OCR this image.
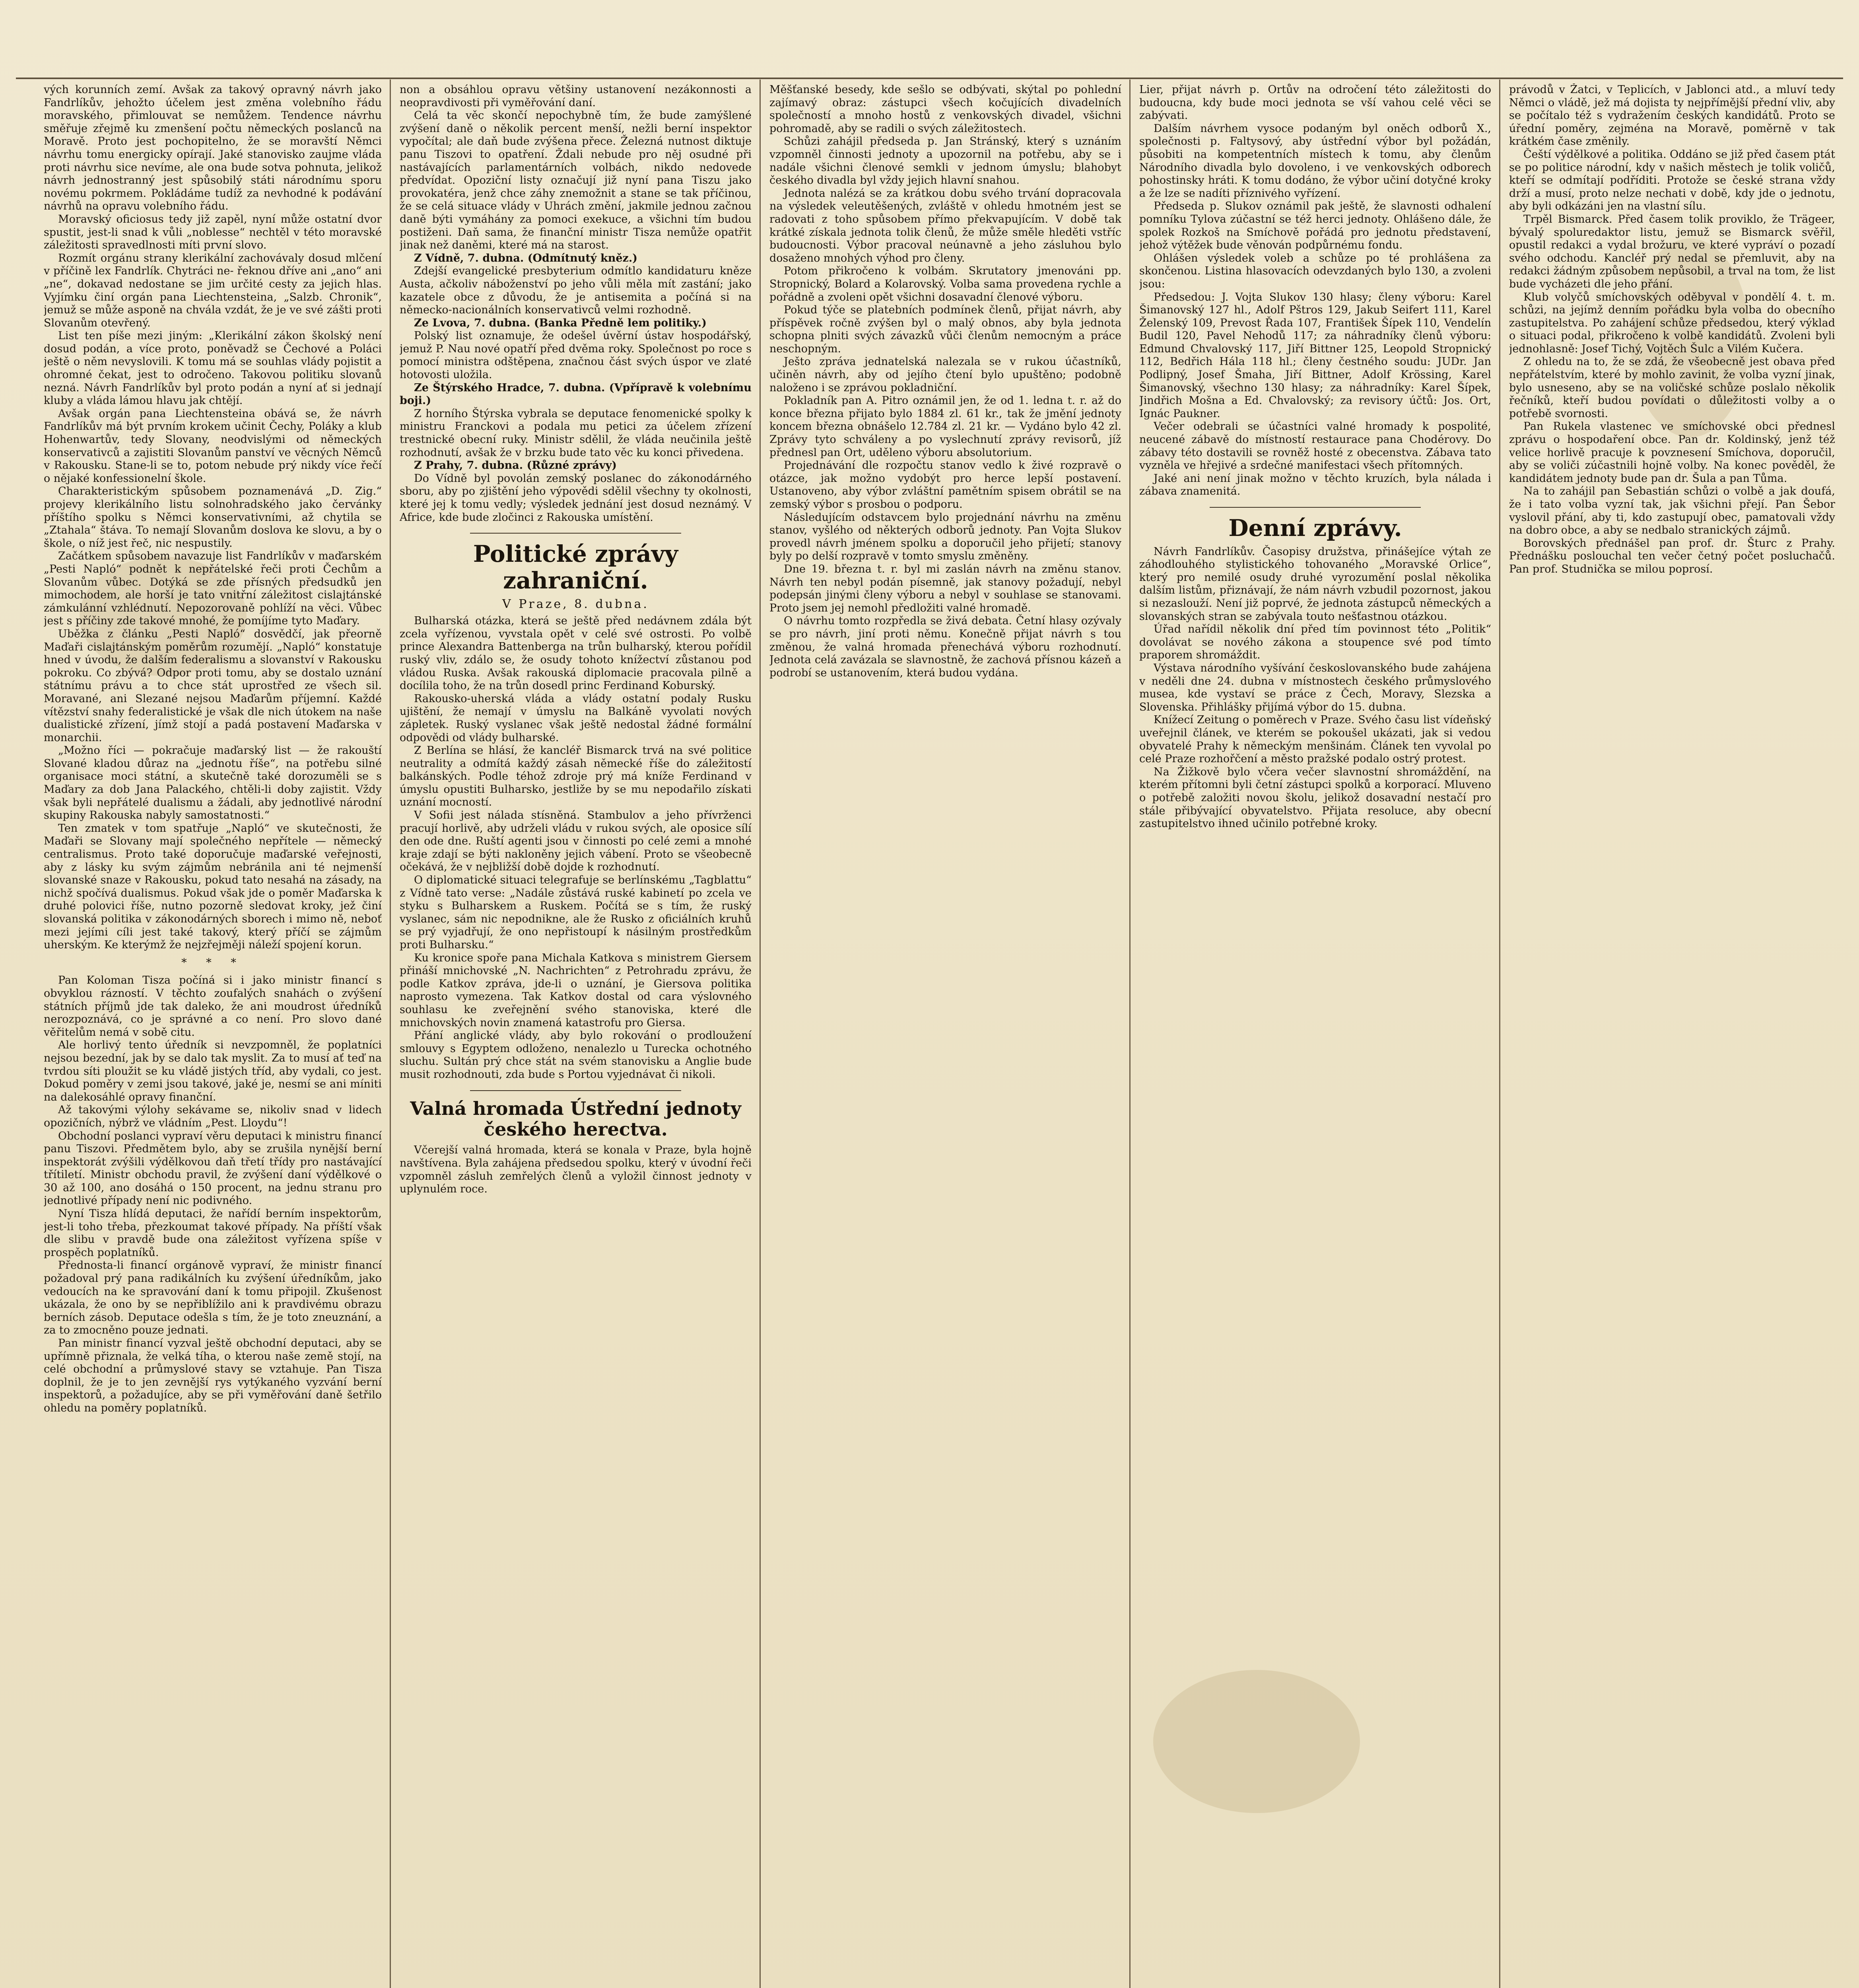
vých korunních zemí. Avšak za takový opravný návrh jako Fandrlíkův, jehožto účelem jest změna volebního řádu moravského, přimlouvat se nemůžem. Tendence návrhu směřuje zřejmě ku zmenšení počtu německých poslanců na Moravě. Proto jest pochopitelno, že se moravští Němci návrhu tomu energicky opírají. Jaké stanovisko zaujme vláda proti návrhu sice nevíme, ale ona bude sotva pohnuta, jelikož návrh jednostranný jest spůsobilý státi národnímu sporu novému pokrmem. Pokládáme tudíž za nevhodné k podávání návrhů na opravu volebního řádu.

Moravský oficiosus tedy již zapěl, nyní může ostatní dvor spustit, jest-li snad k vůli „noblesse“ nechtěl v této moravské záležitosti spravedlnosti míti první slovo.

Rozmít orgánu strany klerikální zachovávaly dosud mlčení v příčině lex Fandrlík. Chytráci ne- řeknou dříve ani „ano“ ani „ne“, dokavad nedostane se jim určité cesty za jejich hlas. Vyjímku činí orgán pana Liechtensteina, „Salzb. Chronik“, jemuž se může asponě na chvála vzdát, že je ve své zášti proti Slovanům otevřený.

List ten píše mezi jiným: „Klerikální zákon školský není dosud podán, a více proto, poněvadž se Čechové a Poláci ještě o něm nevyslovili. K tomu má se souhlas vlády pojistit a ohromné čekat, jest to odročeno. Takovou politiku slovanů nezná. Návrh Fandrlíkův byl proto podán a nyní ať si jednají kluby a vláda lámou hlavu jak chtějí.

Avšak orgán pana Liechtensteina obává se, že návrh Fandrlíkův má být prvním krokem učinit Čechy, Poláky a klub Hohenwartův, tedy Slovany, neodvislými od německých konservativců a zajistiti Slovanům panství ve věcných Němců v Rakousku. Stane-li se to, potom nebude prý nikdy více řečí o nějaké konfessionelní škole.

Charakteristickým spůsobem poznamenává „D. Zig.“ projevy klerikálního listu solnohradského jako červánky příštího spolku s Němci konservativními, až chytila se „Ztahala“ štáva. To nemají Slovanům doslova ke slovu, a by o škole, o níž jest řeč, nic nespustily.

Začátkem spůsobem navazuje list Fandrlíkův v maďarském „Pesti Napló“ podnět k nepřátelské řeči proti Čechům a Slovanům vůbec. Dotýká se zde přísných předsudků jen mimochodem, ale horší je tato vnitřní záležitost cislajtánské zámkulánní vzhlédnutí. Nepozorovaně pohlíží na věci. Vůbec jest s příčiny zde takové mnohé, že pomíjíme tyto Maďary.

Uběžka z článku „Pesti Napló“ dosvědčí, jak přeorně Maďaři cislajtánským poměrům rozumějí. „Napló“ konstatuje hned v úvodu, že dalším federalismu a slovanství v Rakousku pokroku. Co zbývá? Odpor proti tomu, aby se dostalo uznání státnímu právu a to chce stát uprostřed ze všech sil. Moravané, ani Slezané nejsou Maďarům příjemní. Každé vítězství snahy federalistické je však dle nich útokem na naše dualistické zřízení, jímž stojí a padá postavení Maďarska v monarchii.

„Možno říci — pokračuje maďarský list — že rakouští Slované kladou důraz na „jednotu říše“, na potřebu silné organisace moci státní, a skutečně také dorozuměli se s Maďary za dob Jana Palackého, chtěli-li doby zajistit. Vždy však byli nepřátelé dualismu a žádali, aby jednotlivé národní skupiny Rakouska nabyly samostatnosti.“

Ten zmatek v tom spatřuje „Napló“ ve skutečnosti, že Maďaři se Slovany mají společného nepřítele — německý centralismus. Proto také doporučuje maďarské veřejnosti, aby z lásky ku svým zájmům nebránila ani té nejmenší slovanské snaze v Rakousku, pokud tato nesahá na zásady, na nichž spočívá dualismus. Pokud však jde o poměr Maďarska k druhé polovici říše, nutno pozorně sledovat kroky, jež činí slovanská politika v zákonodárných sborech i mimo ně, neboť mezi jejími cíli jest také takový, který příčí se zájmům uherským. Ke kterýmž že nejzřejměji náleží spojení korun.

* * *

Pan Koloman Tisza počíná si i jako ministr financí s obvyklou rázností. V těchto zoufalých snahách o zvýšení státních příjmů jde tak daleko, že ani moudrost úředníků nerozpoznává, co je správné a co není. Pro slovo dané věřitelům nemá v sobě citu.

Ale horlivý tento úředník si nevzpomněl, že poplatníci nejsou bezední, jak by se dalo tak myslit. Za to musí ať teď na tvrdou síti ploužit se ku vládě jistých tříd, aby vydali, co jest. Dokud poměry v zemi jsou takové, jaké je, nesmí se ani míniti na dalekosáhlé opravy finanční.

Až takovými výlohy sekávame se, nikoliv snad v lidech opozičních, nýbrž ve vládním „Pest. Lloydu“!

Obchodní poslanci vypraví věru deputaci k ministru financí panu Tiszovi. Předmětem bylo, aby se zrušila nynější berní inspektorát zvýšili výdělkovou daň třetí třídy pro nastávající třítiletí. Ministr obchodu pravil, že zvýšení daní výdělkové o 30 až 100, ano dosáhá o 150 procent, na jednu stranu pro jednotlivé případy není nic podivného.

Nyní Tisza hlídá deputaci, že nařídí berním inspektorům, jest-li toho třeba, přezkoumat takové případy. Na příští však dle slibu v pravdě bude ona záležitost vyřízena spíše v prospěch poplatníků.

Přednosta-li financí orgánově vypraví, že ministr financí požadoval prý pana radikálních ku zvýšení úředníkům, jako vedoucích na ke spravování daní k tomu připojil. Zkušenost ukázala, že ono by se nepřiblížilo ani k pravdivému obrazu berních zásob. Deputace odešla s tím, že je toto zneuznání, a za to zmocněno pouze jednati.

Pan ministr financí vyzval ještě obchodní deputaci, aby se upřímně přiznala, že velká tíha, o kterou naše země stojí, na celé obchodní a průmyslové stavy se vztahuje. Pan Tisza doplnil, že je to jen zevnější rys vytýkaného vyzvání berní inspektorů, a požadujíce, aby se při vyměřování daně šetřilo ohledu na poměry poplatníků.

non a obsáhlou opravu většiny ustanovení nezákonnosti a neopravdivosti při vyměřování daní.

Celá ta věc skončí nepochybně tím, že bude zamýšlené zvýšení daně o několik percent menší, nežli berní inspektor vypočítal; ale daň bude zvýšena přece. Železná nutnost diktuje panu Tiszovi to opatření. Ždali nebude pro něj osudné při nastávajících parlamentárních volbách, nikdo nedovede předvídat. Opoziční listy označují již nyní pana Tiszu jako provokatéra, jenž chce záhy znemožnit a stane se tak příčinou, že se celá situace vlády v Uhrách změní, jakmile jednou začnou daně býti vymáhány za pomoci exekuce, a všichni tím budou postiženi. Daň sama, že finanční ministr Tisza nemůže opatřit jinak než daněmi, které má na starost.

Z Vídně, 7. dubna. (Odmítnutý kněz.)

Zdejší evangelické presbyterium odmítlo kandidaturu kněze Austa, ačkoliv náboženství po jeho vůli měla mít zastání; jako kazatele obce z důvodu, že je antisemita a počíná si na německo-nacionálních konservativců velmi rozhodně.

Ze Lvova, 7. dubna. (Banka Předně lem politiky.)

Polský list oznamuje, že odešel úvěrní ústav hospodářský, jemuž P. Nau nové opatří před dvěma roky. Společnost po roce s pomocí ministra odštěpena, značnou část svých úspor ve zlaté hotovosti uložila.

Ze Štýrského Hradce, 7. dubna. (Vpřípravě k volebnímu boji.)

Z horního Štýrska vybrala se deputace fenomenické spolky k ministru Franckovi a podala mu petici za účelem zřízení trestnické obecní ruky. Ministr sdělil, že vláda neučinila ještě rozhodnutí, avšak že v brzku bude tato věc ku konci přivedena.

Z Prahy, 7. dubna. (Různé zprávy)

Do Vídně byl povolán zemský poslanec do zákonodárného sboru, aby po zjištění jeho výpovědi sdělil všechny ty okolnosti, které jej k tomu vedly; výsledek jednání jest dosud neznámý. V Africe, kde bude zločinci z Rakouska umístění.

Politické zprávy zahraniční.

V Praze, 8. dubna.

Bulharská otázka, která se ještě před nedávnem zdála být zcela vyřízenou, vyvstala opět v celé své ostrosti. Po volbě prince Alexandra Battenberga na trůn bulharský, kterou pořídil ruský vliv, zdálo se, že osudy tohoto knížectví zůstanou pod vládou Ruska. Avšak rakouská diplomacie pracovala pilně a docílila toho, že na trůn dosedl princ Ferdinand Koburský.

Rakousko-uherská vláda a vlády ostatní podaly Rusku ujištění, že nemají v úmyslu na Balkáně vyvolati nových zápletek. Ruský vyslanec však ještě nedostal žádné formální odpovědi od vlády bulharské.

Z Berlína se hlásí, že kancléř Bismarck trvá na své politice neutrality a odmítá každý zásah německé říše do záležitostí balkánských. Podle téhož zdroje prý má kníže Ferdinand v úmyslu opustiti Bulharsko, jestliže by se mu nepodařilo získati uznání mocností.

V Sofii jest nálada stísněná. Stambulov a jeho přívrženci pracují horlivě, aby udrželi vládu v rukou svých, ale oposice sílí den ode dne. Ruští agenti jsou v činnosti po celé zemi a mnohé kraje zdají se býti nakloněny jejich vábení. Proto se všeobecně očekává, že v nejbližší době dojde k rozhodnutí.

O diplomatické situaci telegrafuje se berlínskému „Tagblattu“ z Vídně tato verse: „Nadále zůstává ruské kabinetí po zcela ve styku s Bulharskem a Ruskem. Počítá se s tím, že ruský vyslanec, sám nic nepodnikne, ale že Rusko z oficiálních kruhů se prý vyjadřují, že ono nepřistoupí k násilným prostředkům proti Bulharsku.“

Ku kronice spoře pana Michala Katkova s ministrem Giersem přináší mnichovské „N. Nachrichten“ z Petrohradu zprávu, že podle Katkov zpráva, jde-li o uznání, je Giersova politika naprosto vymezena. Tak Katkov dostal od cara výslovného souhlasu ke zveřejnění svého stanoviska, které dle mnichovských novin znamená katastrofu pro Giersa.

Přání anglické vlády, aby bylo rokování o prodloužení smlouvy s Egyptem odloženo, nenalezlo u Turecka ochotného sluchu. Sultán prý chce stát na svém stanovisku a Anglie bude musit rozhodnouti, zda bude s Portou vyjednávat či nikoli.

Valná hromada Ústřední jednoty českého herectva.

Včerejší valná hromada, která se konala v Praze, byla hojně navštívena. Byla zahájena předsedou spolku, který v úvodní řeči vzpomněl zásluh zemřelých členů a vyložil činnost jednoty v uplynulém roce.

Měšťanské besedy, kde sešlo se odbývati, skýtal po pohlední zajímavý obraz: zástupci všech kočujících divadelních společností a mnoho hostů z venkovských divadel, všichni pohromadě, aby se radili o svých záležitostech.

Schůzi zahájil předseda p. Jan Stránský, který s uznáním vzpomněl činnosti jednoty a upozornil na potřebu, aby se i nadále všichni členové semkli v jednom úmyslu; blahobyt českého divadla byl vždy jejich hlavní snahou.

Jednota nalézá se za krátkou dobu svého trvání dopracovala na výsledek veleutěšených, zvláště v ohledu hmotném jest se radovati z toho spůsobem přímo překvapujícím. V době tak krátké získala jednota tolik členů, že může směle hleděti vstříc budoucnosti. Výbor pracoval neúnavně a jeho zásluhou bylo dosaženo mnohých výhod pro členy.

Potom přikročeno k volbám. Skrutatory jmenováni pp. Stropnický, Bolard a Kolarovský. Volba sama provedena rychle a pořádně a zvoleni opět všichni dosavadní členové výboru.

Pokud týče se platebních podmínek členů, přijat návrh, aby příspěvek ročně zvýšen byl o malý obnos, aby byla jednota schopna plniti svých závazků vůči členům nemocným a práce neschopným.

Ješto zpráva jednatelská nalezala se v rukou účastníků, učiněn návrh, aby od jejího čtení bylo upuštěno; podobně naloženo i se zprávou pokladniční.

Pokladník pan A. Pitro oznámil jen, že od 1. ledna t. r. až do konce března přijato bylo 1884 zl. 61 kr., tak že jmění jednoty koncem března obnášelo 12.784 zl. 21 kr. — Vydáno bylo 42 zl. Zprávy tyto schváleny a po vyslechnutí zprávy revisorů, jíž přednesl pan Ort, uděleno výboru absolutorium.

Projednávání dle rozpočtu stanov vedlo k živé rozpravě o otázce, jak možno vydobýt pro herce lepší postavení. Ustanoveno, aby výbor zvláštní pamětním spisem obrátil se na zemský výbor s prosbou o podporu.

Následujícím odstavcem bylo projednání návrhu na změnu stanov, vyšlého od některých odborů jednoty. Pan Vojta Slukov provedl návrh jménem spolku a doporučil jeho přijetí; stanovy byly po delší rozpravě v tomto smyslu změněny.

Dne 19. března t. r. byl mi zaslán návrh na změnu stanov. Návrh ten nebyl podán písemně, jak stanovy požadují, nebyl podepsán jinými členy výboru a nebyl v souhlase se stanovami. Proto jsem jej nemohl předložiti valné hromadě.

O návrhu tomto rozpředla se živá debata. Četní hlasy ozývaly se pro návrh, jiní proti němu. Konečně přijat návrh s tou změnou, že valná hromada přenechává výboru rozhodnutí. Jednota celá zavázala se slavnostně, že zachová přísnou kázeň a podrobí se ustanovením, která budou vydána.

Lier, přijat návrh p. Ortův na odročení této záležitosti do budoucna, kdy bude moci jednota se vší vahou celé věci se zabývati.

Dalším návrhem vysoce podaným byl oněch odborů X., společnosti p. Faltysový, aby ústřední výbor byl požádán, působiti na kompetentních místech k tomu, aby členům Národního divadla bylo dovoleno, i ve venkovských odborech pohostinsky hráti. K tomu dodáno, že výbor učiní dotyčné kroky a že lze se nadíti příznivého vyřízení.

Předseda p. Slukov oznámil pak ještě, že slavnosti odhalení pomníku Tylova zúčastní se též herci jednoty. Ohlášeno dále, že spolek Rozkoš na Smíchově pořádá pro jednotu představení, jehož výtěžek bude věnován podpůrnému fondu.

Ohlášen výsledek voleb a schůze po té prohlášena za skončenou. Listina hlasovacích odevzdaných bylo 130, a zvoleni jsou:

Předsedou: J. Vojta Slukov 130 hlasy; členy výboru: Karel Šimanovský 127 hl., Adolf Pštros 129, Jakub Seifert 111, Karel Želenský 109, Prevost Řada 107, František Šípek 110, Vendelín Budil 120, Pavel Nehodů 117; za náhradníky členů výboru: Edmund Chvalovský 117, Jiří Bittner 125, Leopold Stropnický 112, Bedřich Hála 118 hl.; členy čestného soudu: JUDr. Jan Podlipný, Josef Šmaha, Jiří Bittner, Adolf Krössing, Karel Šimanovský, všechno 130 hlasy; za náhradníky: Karel Šípek, Jindřich Mošna a Ed. Chvalovský; za revisory účtů: Jos. Ort, Ignác Paukner.

Večer odebrali se účastníci valné hromady k pospolité, neucené zábavě do místností restaurace pana Chodérovy. Do zábavy této dostavili se rovněž hosté z obecenstva. Zábava tato vyzněla ve hřejivé a srdečné manifestaci všech přítomných.

Jaké ani není jinak možno v těchto kruzích, byla nálada i zábava znamenitá.

Denní zprávy.

Návrh Fandrlíkův. Časopisy družstva, přinášejíce výtah ze záhodlouhého stylistického tohovaného „Moravské Orlice“, který pro nemilé osudy druhé vyrozumění poslal několika dalším listům, přiznávají, že nám návrh vzbudil pozornost, jakou si nezaslouží. Není již poprvé, že jednota zástupců německých a slovanských stran se zabývala touto nešťastnou otázkou.

Úřad nařídil několik dní před tím povinnost této „Politik“ dovolávat se nového zákona a stoupence své pod tímto praporem shromáždit.

Výstava národního vyšívání českoslovanského bude zahájena v neděli dne 24. dubna v místnostech českého průmyslového musea, kde vystaví se práce z Čech, Moravy, Slezska a Slovenska. Přihlášky přijímá výbor do 15. dubna.

Knížecí Zeitung o poměrech v Praze. Svého času list vídeňský uveřejnil článek, ve kterém se pokoušel ukázati, jak si vedou obyvatelé Prahy k německým menšinám. Článek ten vyvolal po celé Praze rozhořčení a město pražské podalo ostrý protest.

Na Žižkově bylo včera večer slavnostní shromáždění, na kterém přítomni byli četní zástupci spolků a korporací. Mluveno o potřebě založiti novou školu, jelikož dosavadní nestačí pro stále přibývající obyvatelstvo. Přijata resoluce, aby obecní zastupitelstvo ihned učinilo potřebné kroky.

právodů v Žatci, v Teplicích, v Jablonci atd., a mluví tedy Němci o vládě, jež má dojista ty nejpřímější přední vliv, aby se počítalo též s vydražením českých kandidátů. Proto se úřední poměry, zejména na Moravě, poměrně v tak krátkém čase změnily.

Čeští výdělkové a politika. Oddáno se již před časem ptát se po politice národní, kdy v našich městech je tolik voličů, kteří se odmítají podříditi. Protože se české strana vždy drží a musí, proto nelze nechati v době, kdy jde o jednotu, aby byli odkázáni jen na vlastní sílu.

Trpěl Bismarck. Před časem tolik proviklo, že Trägeer, bývalý spoluredaktor listu, jemuž se Bismarck svěřil, opustil redakci a vydal brožuru, ve které vypráví o pozadí svého odchodu. Kancléř prý nedal se přemluvit, aby na redakci žádným způsobem nepůsobil, a trval na tom, že list bude vycházeti dle jeho přání.

Klub volyčů smíchovských oděbyval v pondělí 4. t. m. schůzi, na jejímž denním pořádku byla volba do obecního zastupitelstva. Po zahájení schůze předsedou, který výklad o situaci podal, přikročeno k volbě kandidátů. Zvoleni byli jednohlasně: Josef Tichý, Vojtěch Šulc a Vilém Kučera.

Z ohledu na to, že se zdá, že všeobecně jest obava před nepřátelstvím, které by mohlo zavinit, že volba vyzní jinak, bylo usneseno, aby se na voličské schůze poslalo několik řečníků, kteří budou povídati o důležitosti volby a o potřebě svornosti.

Pan Rukela vlastenec ve smíchovské obci přednesl zprávu o hospodaření obce. Pan dr. Koldinský, jenž též velice horlivě pracuje k povznesení Smíchova, doporučil, aby se voliči zúčastnili hojně volby. Na konec pověděl, že kandidátem jednoty bude pan dr. Šula a pan Tůma.

Na to zahájil pan Sebastián schůzi o volbě a jak doufá, že i tato volba vyzní tak, jak všichni přejí. Pan Šebor vyslovil přání, aby ti, kdo zastupují obec, pamatovali vždy na dobro obce, a aby se nedbalo stranických zájmů.

Borovských přednášel pan prof. dr. Šturc z Prahy. Přednášku poslouchal ten večer četný počet posluchačů. Pan prof. Studnička se milou poprosí.
